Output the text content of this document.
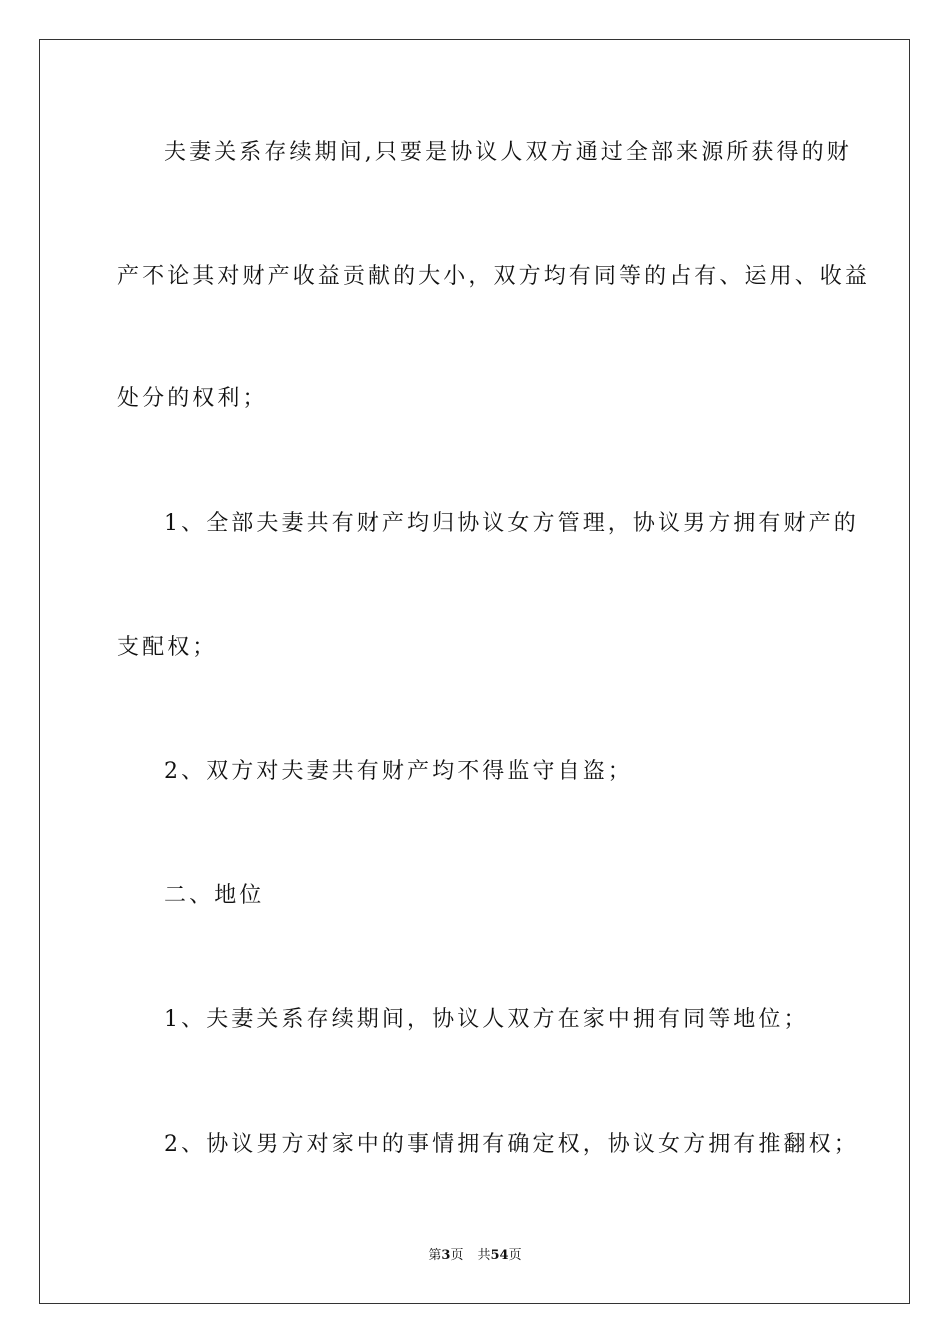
夫妻关系存续期间,只要是协议人双方通过全部来源所获得的财
产不论其对财产收益贡献的大小，双方均有同等的占有、运用、收益
处分的权利；
1、全部夫妻共有财产均归协议女方管理，协议男方拥有财产的
支配权；
2、双方对夫妻共有财产均不得监守自盗；
二、地位
1、夫妻关系存续期间，协议人双方在家中拥有同等地位；
2、协议男方对家中的事情拥有确定权，协议女方拥有推翻权；
第3页 共54页
